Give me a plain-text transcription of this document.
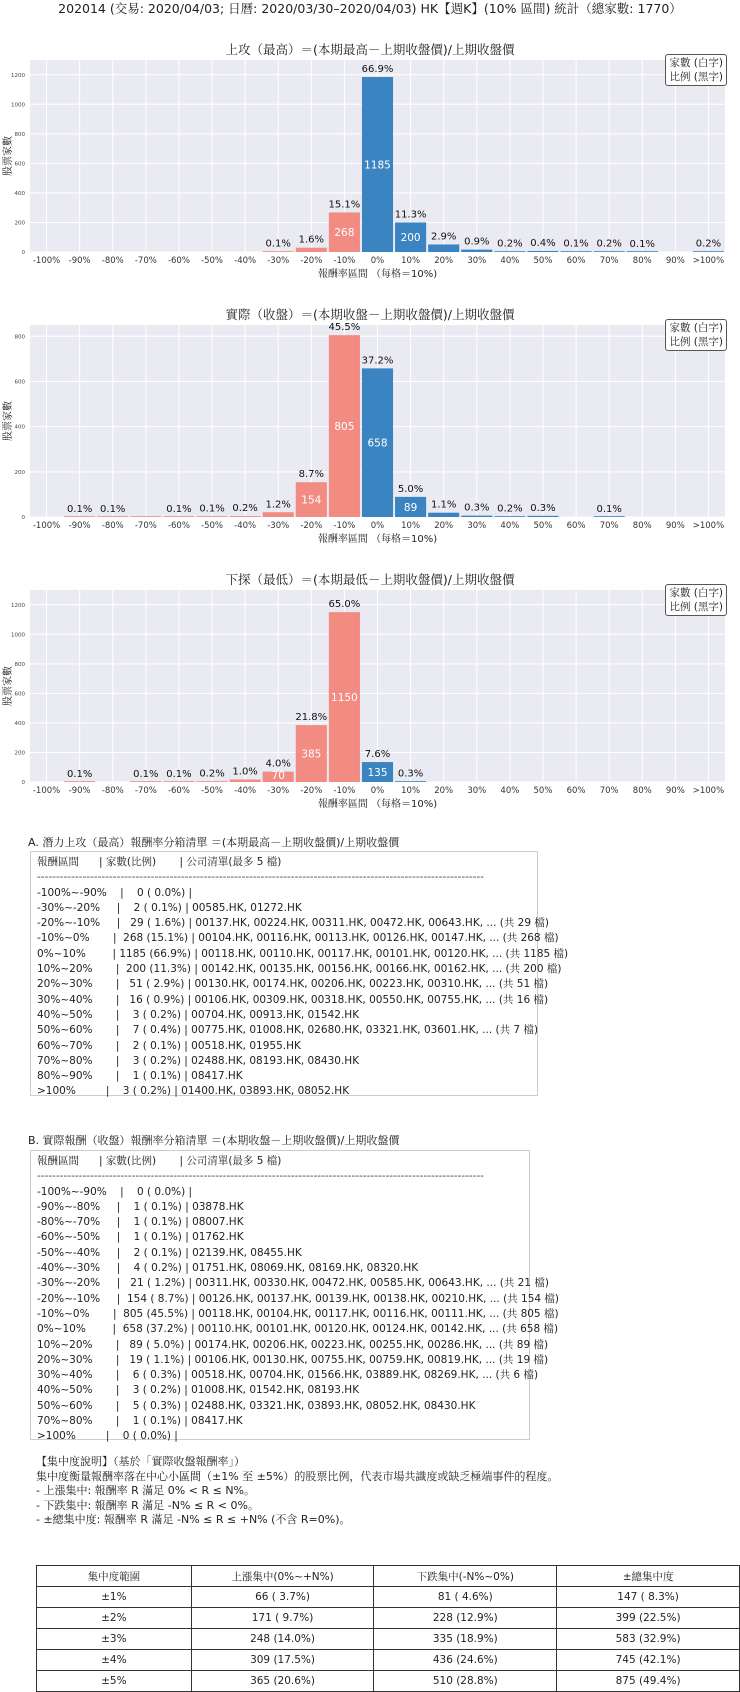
202014 (交易: 2020/04/03; 日曆: 2020/03/30–2020/04/03) HK【週K】(10% 區間) 統計（總家數: 1770）
上攻（最高）＝(本期最高－上期收盤價)/上期收盤價
0
200
400
600
800
1000
1200
0.1% 1.6%
268
15.1%
1185
66.9%
200
11.3%
2.9% 0.9% 0.2% 0.4% 0.1% 0.2% 0.1%	0.2%
-100% -90% -80% -70% -60% -50% -40% -30% -20% -10% 0% 10% 20% 30% 40% 50% 60% 70% 80% 90% >100%
報酬率區間 （每格＝10%)
股票家數
家數 (白字)
比例 (黑字)
實際（收盤）＝(本期收盤－上期收盤價)/上期收盤價
0
200
400
600
800
0.1% 0.1%	0.1% 0.1% 0.2% 1.2% 154
8.7%
805
45.5%
658
37.2%
89
5.0%
1.1% 0.3% 0.2% 0.3%	0.1%
-100% -90% -80% -70% -60% -50% -40% -30% -20% -10% 0% 10% 20% 30% 40% 50% 60% 70% 80% 90% >100%
報酬率區間 （每格＝10%)
股票家數
家數 (白字)
比例 (黑字)
下探（最低）＝(本期最低－上期收盤價)/上期收盤價
0
200
400
600
800
1000
1200
0.1%	0.1% 0.1% 0.2% 1.0% 70
4.0%
385
21.8%
1150
65.0%
135
7.6%
0.3%
-100% -90% -80% -70% -60% -50% -40% -30% -20% -10% 0% 10% 20% 30% 40% 50% 60% 70% 80% 90% >100%
報酬率區間 （每格＝10%)
股票家數
家數 (白字)
比例 (黑字)
A. 潛力上攻（最高）報酬率分箱清單 ＝(本期最高－上期收盤價)/上期收盤價
報酬區間      | 家數(比例)       | 公司清單(最多 5 檔)
----------------------------------------------------------------------------------------------------------------------
-100%~-90%    |    0 ( 0.0%) |
-30%~-20%     |    2 ( 0.1%) | 00585.HK, 01272.HK
-20%~-10%     |   29 ( 1.6%) | 00137.HK, 00224.HK, 00311.HK, 00472.HK, 00643.HK, ... (共 29 檔)
-10%~0%       |  268 (15.1%) | 00104.HK, 00116.HK, 00113.HK, 00126.HK, 00147.HK, ... (共 268 檔)
0%~10%        | 1185 (66.9%) | 00118.HK, 00110.HK, 00117.HK, 00101.HK, 00120.HK, ... (共 1185 檔)
10%~20%       |  200 (11.3%) | 00142.HK, 00135.HK, 00156.HK, 00166.HK, 00162.HK, ... (共 200 檔)
20%~30%       |   51 ( 2.9%) | 00130.HK, 00174.HK, 00206.HK, 00223.HK, 00310.HK, ... (共 51 檔)
30%~40%       |   16 ( 0.9%) | 00106.HK, 00309.HK, 00318.HK, 00550.HK, 00755.HK, ... (共 16 檔)
40%~50%       |    3 ( 0.2%) | 00704.HK, 00913.HK, 01542.HK
50%~60%       |    7 ( 0.4%) | 00775.HK, 01008.HK, 02680.HK, 03321.HK, 03601.HK, ... (共 7 檔)
60%~70%       |    2 ( 0.1%) | 00518.HK, 01955.HK
70%~80%       |    3 ( 0.2%) | 02488.HK, 08193.HK, 08430.HK
80%~90%       |    1 ( 0.1%) | 08417.HK
>100%         |    3 ( 0.2%) | 01400.HK, 03893.HK, 08052.HK
B. 實際報酬（收盤）報酬率分箱清單 ＝(本期收盤－上期收盤價)/上期收盤價
報酬區間      | 家數(比例)       | 公司清單(最多 5 檔)
----------------------------------------------------------------------------------------------------------------------
-100%~-90%    |    0 ( 0.0%) |
-90%~-80%     |    1 ( 0.1%) | 03878.HK
-80%~-70%     |    1 ( 0.1%) | 08007.HK
-60%~-50%     |    1 ( 0.1%) | 01762.HK
-50%~-40%     |    2 ( 0.1%) | 02139.HK, 08455.HK
-40%~-30%     |    4 ( 0.2%) | 01751.HK, 08069.HK, 08169.HK, 08320.HK
-30%~-20%     |   21 ( 1.2%) | 00311.HK, 00330.HK, 00472.HK, 00585.HK, 00643.HK, ... (共 21 檔)
-20%~-10%     |  154 ( 8.7%) | 00126.HK, 00137.HK, 00139.HK, 00138.HK, 00210.HK, ... (共 154 檔)
-10%~0%       |  805 (45.5%) | 00118.HK, 00104.HK, 00117.HK, 00116.HK, 00111.HK, ... (共 805 檔)
0%~10%        |  658 (37.2%) | 00110.HK, 00101.HK, 00120.HK, 00124.HK, 00142.HK, ... (共 658 檔)
10%~20%       |   89 ( 5.0%) | 00174.HK, 00206.HK, 00223.HK, 00255.HK, 00286.HK, ... (共 89 檔)
20%~30%       |   19 ( 1.1%) | 00106.HK, 00130.HK, 00755.HK, 00759.HK, 00819.HK, ... (共 19 檔)
30%~40%       |    6 ( 0.3%) | 00518.HK, 00704.HK, 01566.HK, 03889.HK, 08269.HK, ... (共 6 檔)
40%~50%       |    3 ( 0.2%) | 01008.HK, 01542.HK, 08193.HK
50%~60%       |    5 ( 0.3%) | 02488.HK, 03321.HK, 03893.HK, 08052.HK, 08430.HK
70%~80%       |    1 ( 0.1%) | 08417.HK
>100%         |    0 ( 0.0%) |
【集中度說明】（基於「實際收盤報酬率」）
集中度衡量報酬率落在中心小區間（±1% 至 ±5%）的股票比例，代表市場共識度或缺乏極端事件的程度。
- 上漲集中: 報酬率 R 滿足 0% < R ≤ N%。
- 下跌集中: 報酬率 R 滿足 -N% ≤ R < 0%。
- ±總集中度: 報酬率 R 滿足 -N% ≤ R ≤ +N% (不含 R=0%)。
集中度範圍	上漲集中(0%~+N%)	下跌集中(-N%~0%)	±總集中度
±1%	66 ( 3.7%)	81 ( 4.6%)	147 ( 8.3%)
±2%	171 ( 9.7%)	228 (12.9%)	399 (22.5%)
±3%	248 (14.0%)	335 (18.9%)	583 (32.9%)
±4%	309 (17.5%)	436 (24.6%)	745 (42.1%)
±5%	365 (20.6%)	510 (28.8%)	875 (49.4%)
